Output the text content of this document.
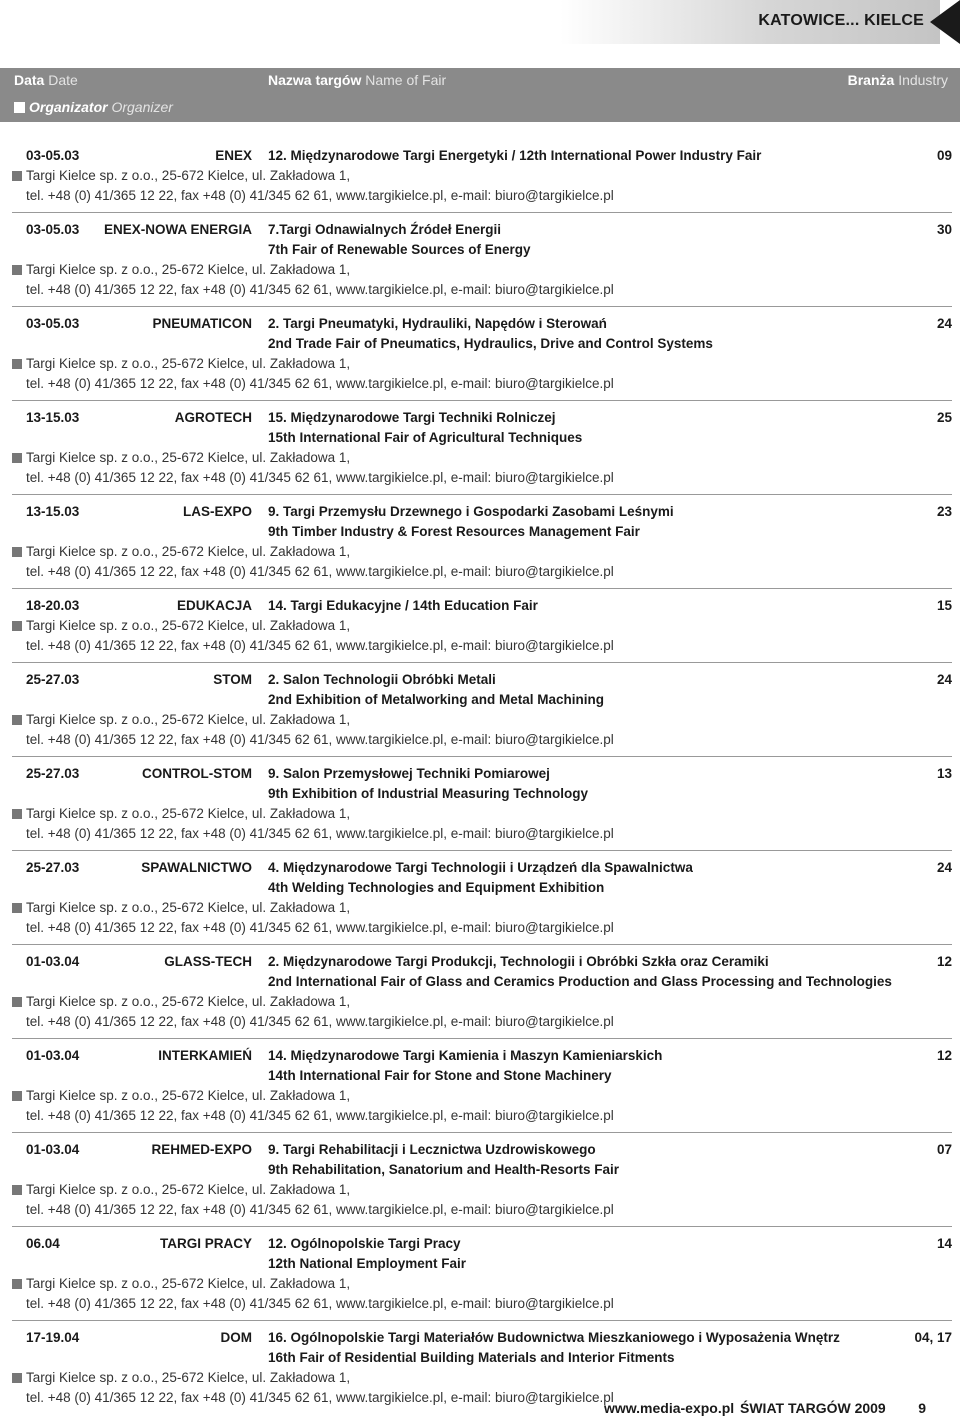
KATOWICE... KIELCE
Data Date	Nazwa targów Name of Fair	Branża Industry
Organizator Organizer
03-05.03	ENEX 12. Międzynarodowe Targi Energetyki / 12th International Power Industry Fair	09
Targi Kielce sp. z o.o., 25-672 Kielce, ul. Zakładowa 1,
tel. +48 (0) 41/365 12 22, fax +48 (0) 41/345 62 61, www.targikielce.pl, e-mail: biuro@targikielce.pl
03-05.03 ENEX-NOWA ENERGIA 7.Targi Odnawialnych Źródeł Energii	30
7th Fair of Renewable Sources of Energy
Targi Kielce sp. z o.o., 25-672 Kielce, ul. Zakładowa 1,
tel. +48 (0) 41/365 12 22, fax +48 (0) 41/345 62 61, www.targikielce.pl, e-mail: biuro@targikielce.pl
03-05.03	PNEUMATICON 2. Targi Pneumatyki, Hydrauliki, Napędów i Sterowań	24
2nd Trade Fair of Pneumatics, Hydraulics, Drive and Control Systems
Targi Kielce sp. z o.o., 25-672 Kielce, ul. Zakładowa 1,
tel. +48 (0) 41/365 12 22, fax +48 (0) 41/345 62 61, www.targikielce.pl, e-mail: biuro@targikielce.pl
13-15.03	AGROTECH 15. Międzynarodowe Targi Techniki Rolniczej	25
15th International Fair of Agricultural Techniques
Targi Kielce sp. z o.o., 25-672 Kielce, ul. Zakładowa 1,
tel. +48 (0) 41/365 12 22, fax +48 (0) 41/345 62 61, www.targikielce.pl, e-mail: biuro@targikielce.pl
13-15.03	LAS-EXPO 9. Targi Przemysłu Drzewnego i Gospodarki Zasobami Leśnymi	23
9th Timber Industry & Forest Resources Management Fair
Targi Kielce sp. z o.o., 25-672 Kielce, ul. Zakładowa 1,
tel. +48 (0) 41/365 12 22, fax +48 (0) 41/345 62 61, www.targikielce.pl, e-mail: biuro@targikielce.pl
18-20.03	EDUKACJA 14. Targi Edukacyjne / 14th Education Fair	15
Targi Kielce sp. z o.o., 25-672 Kielce, ul. Zakładowa 1,
tel. +48 (0) 41/365 12 22, fax +48 (0) 41/345 62 61, www.targikielce.pl, e-mail: biuro@targikielce.pl
25-27.03	STOM 2. Salon Technologii Obróbki Metali	24
2nd Exhibition of Metalworking and Metal Machining
Targi Kielce sp. z o.o., 25-672 Kielce, ul. Zakładowa 1,
tel. +48 (0) 41/365 12 22, fax +48 (0) 41/345 62 61, www.targikielce.pl, e-mail: biuro@targikielce.pl
25-27.03	CONTROL-STOM 9. Salon Przemysłowej Techniki Pomiarowej	13
9th Exhibition of Industrial Measuring Technology
Targi Kielce sp. z o.o., 25-672 Kielce, ul. Zakładowa 1,
tel. +48 (0) 41/365 12 22, fax +48 (0) 41/345 62 61, www.targikielce.pl, e-mail: biuro@targikielce.pl
25-27.03	SPAWALNICTWO 4. Międzynarodowe Targi Technologii i Urządzeń dla Spawalnictwa	24
4th Welding Technologies and Equipment Exhibition
Targi Kielce sp. z o.o., 25-672 Kielce, ul. Zakładowa 1,
tel. +48 (0) 41/365 12 22, fax +48 (0) 41/345 62 61, www.targikielce.pl, e-mail: biuro@targikielce.pl
01-03.04	GLASS-TECH 2. Międzynarodowe Targi Produkcji, Technologii i Obróbki Szkła oraz Ceramiki	12
2nd International Fair of Glass and Ceramics Production and Glass Processing and Technologies
Targi Kielce sp. z o.o., 25-672 Kielce, ul. Zakładowa 1,
tel. +48 (0) 41/365 12 22, fax +48 (0) 41/345 62 61, www.targikielce.pl, e-mail: biuro@targikielce.pl
01-03.04	INTERKAMIEŃ 14. Międzynarodowe Targi Kamienia i Maszyn Kamieniarskich	12
14th International Fair for Stone and Stone Machinery
Targi Kielce sp. z o.o., 25-672 Kielce, ul. Zakładowa 1,
tel. +48 (0) 41/365 12 22, fax +48 (0) 41/345 62 61, www.targikielce.pl, e-mail: biuro@targikielce.pl
01-03.04	REHMED-EXPO 9. Targi Rehabilitacji i Lecznictwa Uzdrowiskowego	07
9th Rehabilitation, Sanatorium and Health-Resorts Fair
Targi Kielce sp. z o.o., 25-672 Kielce, ul. Zakładowa 1,
tel. +48 (0) 41/365 12 22, fax +48 (0) 41/345 62 61, www.targikielce.pl, e-mail: biuro@targikielce.pl
06.04	TARGI PRACY 12. Ogólnopolskie Targi Pracy	14
12th National Employment Fair
Targi Kielce sp. z o.o., 25-672 Kielce, ul. Zakładowa 1,
tel. +48 (0) 41/365 12 22, fax +48 (0) 41/345 62 61, www.targikielce.pl, e-mail: biuro@targikielce.pl
17-19.04	DOM 16. Ogólnopolskie Targi Materiałów Budownictwa Mieszkaniowego i Wyposażenia Wnętrz	04, 17
16th Fair of Residential Building Materials and Interior Fitments
Targi Kielce sp. z o.o., 25-672 Kielce, ul. Zakładowa 1,
tel. +48 (0) 41/365 12 22, fax +48 (0) 41/345 62 61, www.targikielce.pl, e-mail: biuro@targikielce.pl
www.media-expo.pl ŚWIAT TARGÓW 2009 9
